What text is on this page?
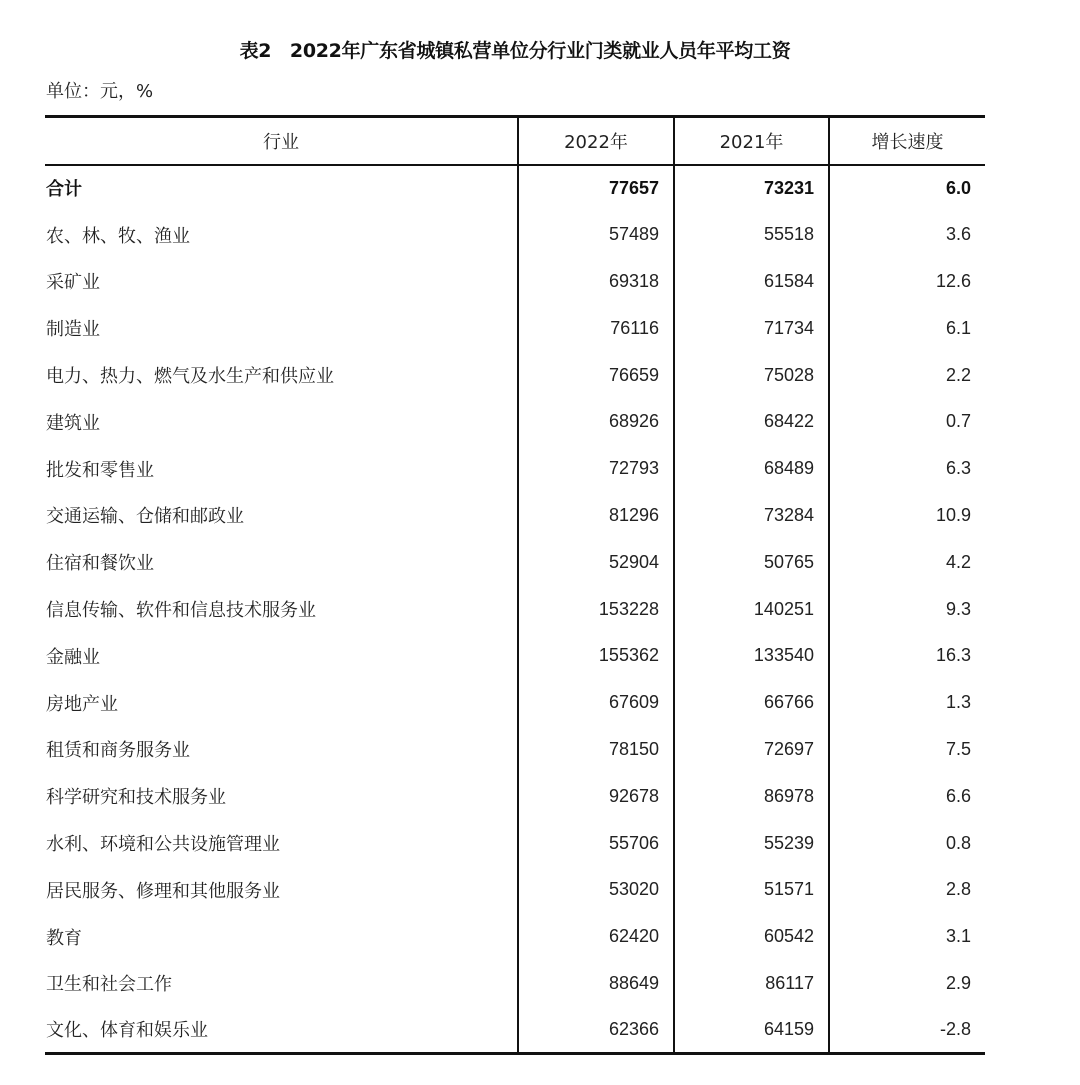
表2　2022年广东省城镇私营单位分行业门类就业人员年平均工资
单位：元，%
行业	2022年	2021年	增长速度
合计	77657	73231	6.0
农、林、牧、渔业	57489	55518	3.6
采矿业	69318	61584	12.6
制造业	76116	71734	6.1
电力、热力、燃气及水生产和供应业	76659	75028	2.2
建筑业	68926	68422	0.7
批发和零售业	72793	68489	6.3
交通运输、仓储和邮政业	81296	73284	10.9
住宿和餐饮业	52904	50765	4.2
信息传输、软件和信息技术服务业	153228	140251	9.3
金融业	155362	133540	16.3
房地产业	67609	66766	1.3
租赁和商务服务业	78150	72697	7.5
科学研究和技术服务业	92678	86978	6.6
水利、环境和公共设施管理业	55706	55239	0.8
居民服务、修理和其他服务业	53020	51571	2.8
教育	62420	60542	3.1
卫生和社会工作	88649	86117	2.9
文化、体育和娱乐业	62366	64159	-2.8
